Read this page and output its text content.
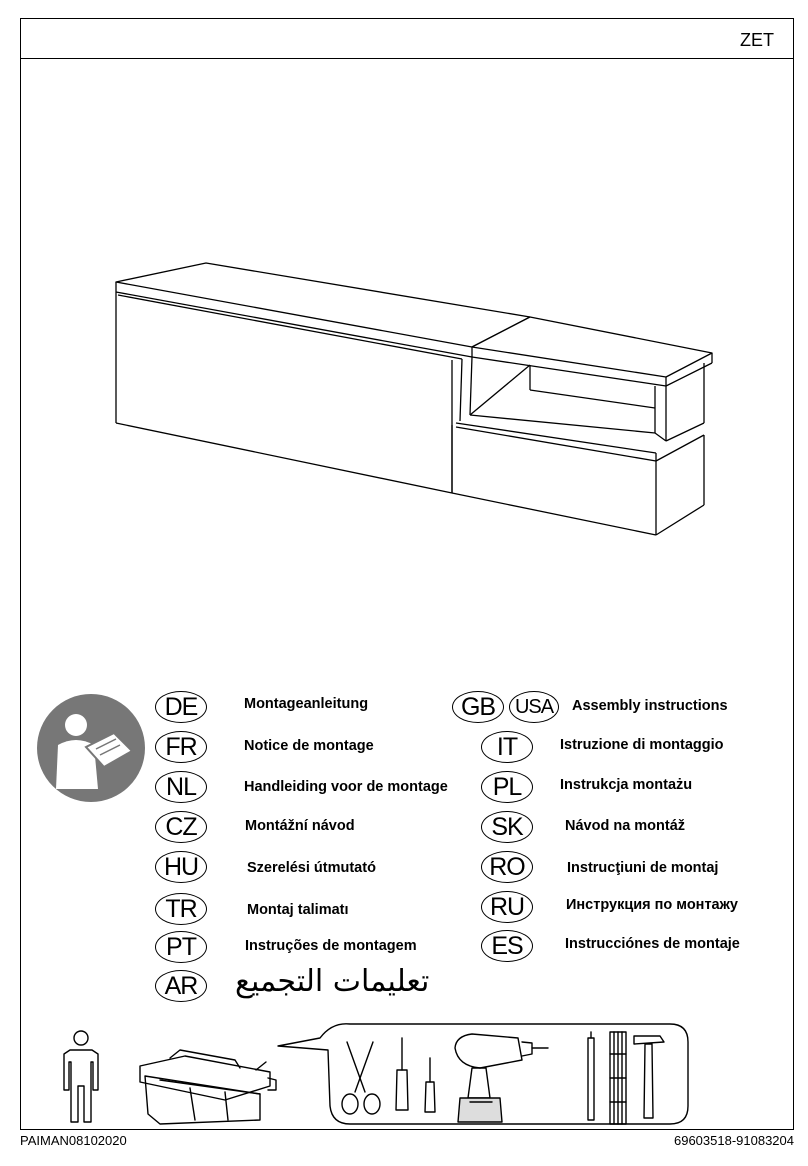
ZET
DE	Montageanleitung
FR	Notice de montage
NL	Handleiding voor de montage
CZ	Montážní návod
HU	Szerelési útmutató
TR	Montaj talimatı
PT	Instruções de montagem
AR	تعليمات التجميع
GB USA	Assembly instructions
IT	Istruzione di montaggio
PL	Instrukcja montażu
SK	Návod na montáž
RO	Instrucţiuni de montaj
RU	Инструкция по монтажу
ES	Instrucciónes de montaje
PAIMAN08102020	69603518-91083204
